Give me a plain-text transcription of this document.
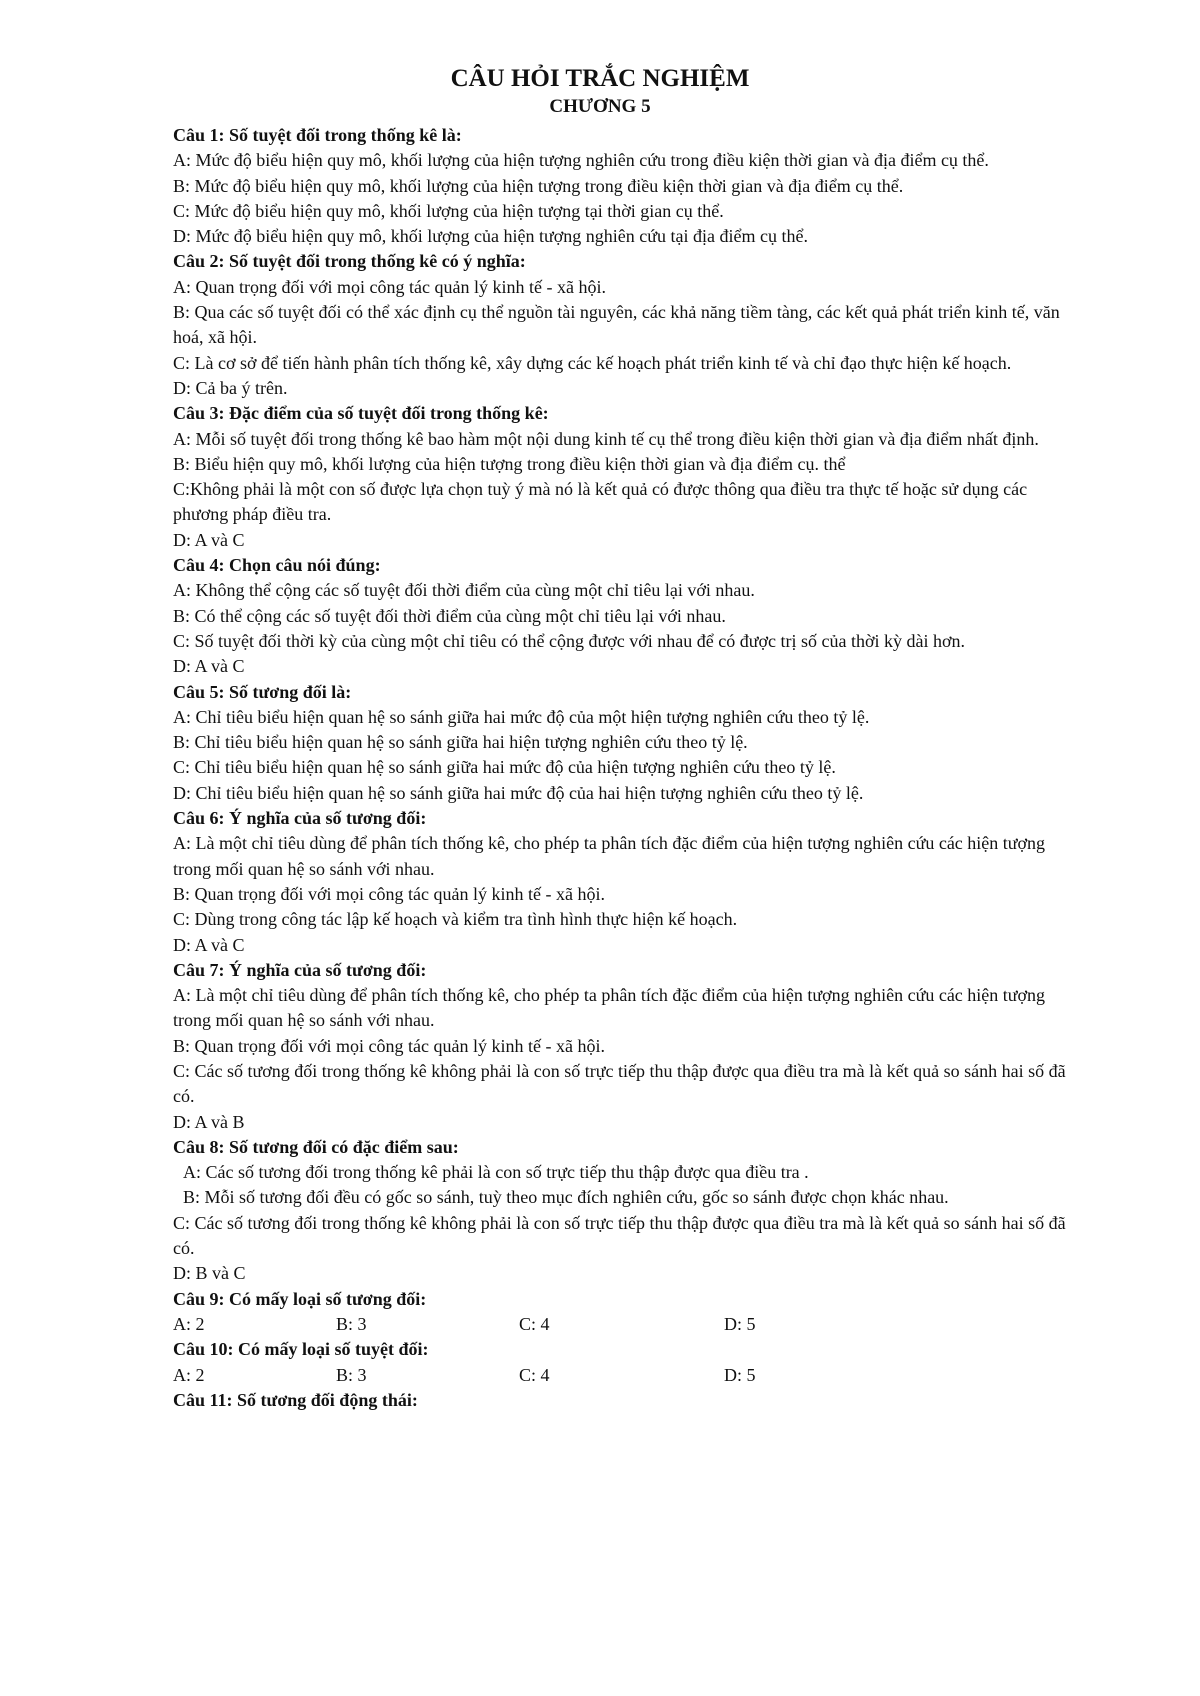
CÂU HỎI TRẮC NGHIỆM
CHƯƠNG 5
Câu 1: Số tuyệt đối trong thống kê là:
A: Mức độ biểu hiện quy mô, khối lượng của hiện tượng nghiên cứu trong điều kiện thời gian và địa điểm cụ thể.
B: Mức độ biểu hiện quy mô, khối lượng của hiện tượng trong điều kiện thời gian và địa điểm cụ thể.
C: Mức độ biểu hiện quy mô, khối lượng của hiện tượng tại thời gian cụ thể.
D: Mức độ biểu hiện quy mô, khối lượng của hiện tượng nghiên cứu tại địa điểm cụ thể.
Câu 2: Số tuyệt đối trong thống kê có ý nghĩa:
A: Quan trọng đối với mọi công tác quản lý kinh tế - xã hội.
B: Qua các số tuyệt đối có thể xác định cụ thể nguồn tài nguyên, các khả năng tiềm tàng, các kết quả phát triển kinh tế, văn hoá, xã hội.
C: Là cơ sở để tiến hành phân tích thống kê, xây dựng các kế hoạch phát triển kinh tế và chỉ đạo thực hiện kế hoạch.
D: Cả ba ý trên.
Câu 3: Đặc điểm của số tuyệt đối trong thống kê:
A: Mỗi số tuyệt đối trong thống kê bao hàm một nội dung kinh tế cụ thể trong điều kiện thời gian và địa điểm nhất định.
B: Biểu hiện quy mô, khối lượng của hiện tượng trong điều kiện thời gian và địa điểm cụ. thể
C:Không phải là một con số được lựa chọn tuỳ ý mà nó là kết quả có được thông qua điều tra thực tế hoặc sử dụng các phương pháp điều tra.
D: A và C
Câu 4: Chọn câu nói đúng:
A: Không thể cộng các số tuyệt đối thời điểm của cùng một chỉ tiêu lại với nhau.
B: Có thể cộng các số tuyệt đối thời điểm của cùng một chỉ tiêu lại với nhau.
C: Số tuyệt đối thời kỳ của cùng một chỉ tiêu có thể cộng được với nhau để có được trị số của thời kỳ dài hơn.
D: A và C
Câu 5: Số tương đối là:
A: Chỉ tiêu biểu hiện quan hệ so sánh giữa hai mức độ của một hiện tượng nghiên cứu theo tỷ lệ.
B: Chỉ tiêu biểu hiện quan hệ so sánh giữa hai hiện tượng nghiên cứu theo tỷ lệ.
C: Chỉ tiêu biểu hiện quan hệ so sánh giữa hai mức độ của hiện tượng nghiên cứu theo tỷ lệ.
D: Chỉ tiêu biểu hiện quan hệ so sánh giữa hai mức độ của hai hiện tượng nghiên cứu theo tỷ lệ.
Câu 6: Ý nghĩa của số tương đối:
A: Là một chỉ tiêu dùng để phân tích thống kê, cho phép ta phân tích đặc điểm của hiện tượng nghiên cứu các hiện tượng trong mối quan hệ so sánh với nhau.
B: Quan trọng đối với mọi công tác quản lý kinh tế - xã hội.
C: Dùng trong công tác lập kế hoạch và kiểm tra tình hình thực hiện kế hoạch.
D: A và C
Câu 7: Ý nghĩa của số tương đối:
A: Là một chỉ tiêu dùng để phân tích thống kê, cho phép ta phân tích đặc điểm của hiện tượng nghiên cứu các hiện tượng trong mối quan hệ so sánh với nhau.
B: Quan trọng đối với mọi công tác quản lý kinh tế - xã hội.
C: Các số tương đối trong thống kê không phải là con số trực tiếp thu thập được qua điều tra mà là kết quả so sánh hai số đã có.
D: A và B
Câu 8: Số tương đối có đặc điểm sau:
A: Các số tương đối trong thống kê phải là con số trực tiếp thu thập được qua điều tra .
B: Mỗi số tương đối đều có gốc so sánh, tuỳ theo mục đích nghiên cứu, gốc so sánh được chọn khác nhau.
C: Các số tương đối trong thống kê không phải là con số trực tiếp thu thập được qua điều tra mà là kết quả so sánh hai số đã có.
D: B và C
Câu 9: Có mấy loại số tương đối:
A: 2	B: 3	C: 4	D: 5
Câu 10: Có mấy loại số tuyệt đối:
A: 2	B: 3	C: 4	D: 5
Câu 11: Số tương đối động thái:
